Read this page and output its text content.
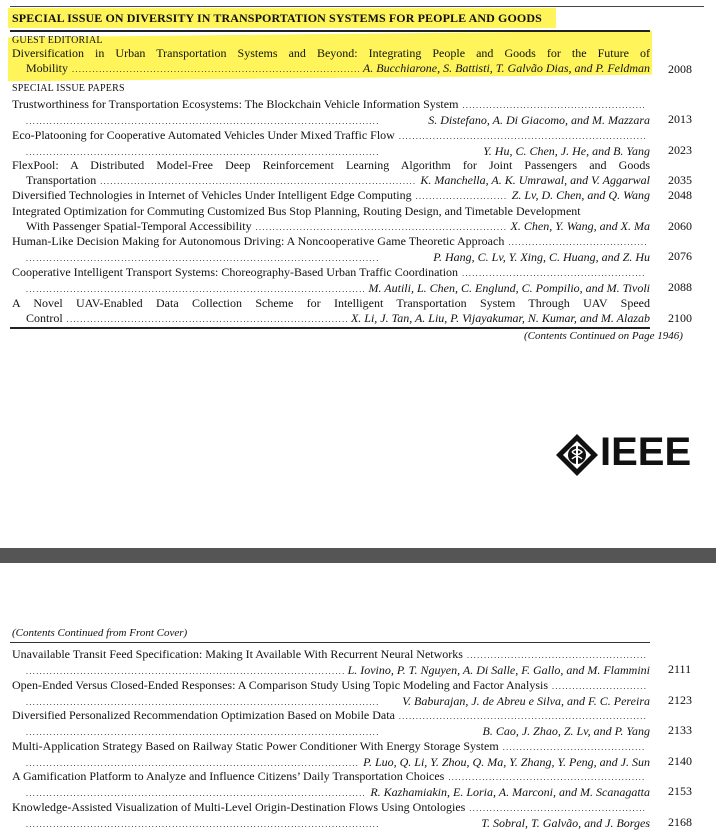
SPECIAL ISSUE ON DIVERSITY IN TRANSPORTATION SYSTEMS FOR PEOPLE AND GOODS
GUEST EDITORIAL
Diversification in Urban Transportation Systems and Beyond: Integrating People and Goods for the Future of
Mobility . . .	A. Bucchiarone, S. Battisti, T. Galvão Dias, and P. Feldman 2008
SPECIAL ISSUE PAPERS
Trustworthiness for Transportation Ecosystems: The Blockchain Vehicle Information System
. . .
. . .
S. Distefano, A. Di Giacomo, and M. Mazzara 2013
Eco-Platooning for Cooperative Automated Vehicles Under Mixed Traffic Flow
. . .
. . .
Y. Hu, C. Chen, J. He, and B. Yang 2023
FlexPool: A Distributed Model-Free Deep Reinforcement Learning Algorithm for Joint Passengers and Goods
Transportation . . .	K. Manchella, A. K. Umrawal, and V. Aggarwal 2035
Diversified Technologies in Internet of Vehicles Under Intelligent Edge Computing . . .	Z. Lv, D. Chen, and Q. Wang 2048
Integrated Optimization for Commuting Customized Bus Stop Planning, Routing Design, and Timetable Development
With Passenger Spatial-Temporal Accessibility . . .	X. Chen, Y. Wang, and X. Ma 2060
Human-Like Decision Making for Autonomous Driving: A Noncooperative Game Theoretic Approach
. . .
. . .
P. Hang, C. Lv, Y. Xing, C. Huang, and Z. Hu 2076
Cooperative Intelligent Transport Systems: Choreography-Based Urban Traffic Coordination
. . .
. . .
M. Autili, L. Chen, C. Englund, C. Pompilio, and M. Tivoli 2088
A Novel UAV-Enabled Data Collection Scheme for Intelligent Transportation System Through UAV Speed
Control . . .	X. Li, J. Tan, A. Liu, P. Vijayakumar, N. Kumar, and M. Alazab 2100
(Contents Continued on Page 1946)
IEEE
(Contents Continued from Front Cover)
Unavailable Transit Feed Specification: Making It Available With Recurrent Neural Networks
. . .
. . .
L. Iovino, P. T. Nguyen, A. Di Salle, F. Gallo, and M. Flammini 2111
Open-Ended Versus Closed-Ended Responses: A Comparison Study Using Topic Modeling and Factor Analysis
. . .
. . .
V. Baburajan, J. de Abreu e Silva, and F. C. Pereira 2123
Diversified Personalized Recommendation Optimization Based on Mobile Data
. . .
. . .
B. Cao, J. Zhao, Z. Lv, and P. Yang 2133
Multi-Application Strategy Based on Railway Static Power Conditioner With Energy Storage System
. . .
. . .
P. Luo, Q. Li, Y. Zhou, Q. Ma, Y. Zhang, Y. Peng, and J. Sun 2140
A Gamification Platform to Analyze and Influence Citizens’ Daily Transportation Choices
. . .
. . .
R. Kazhamiakin, E. Loria, A. Marconi, and M. Scanagatta 2153
Knowledge-Assisted Visualization of Multi-Level Origin-Destination Flows Using Ontologies
. . .
. . .
T. Sobral, T. Galvão, and J. Borges 2168
